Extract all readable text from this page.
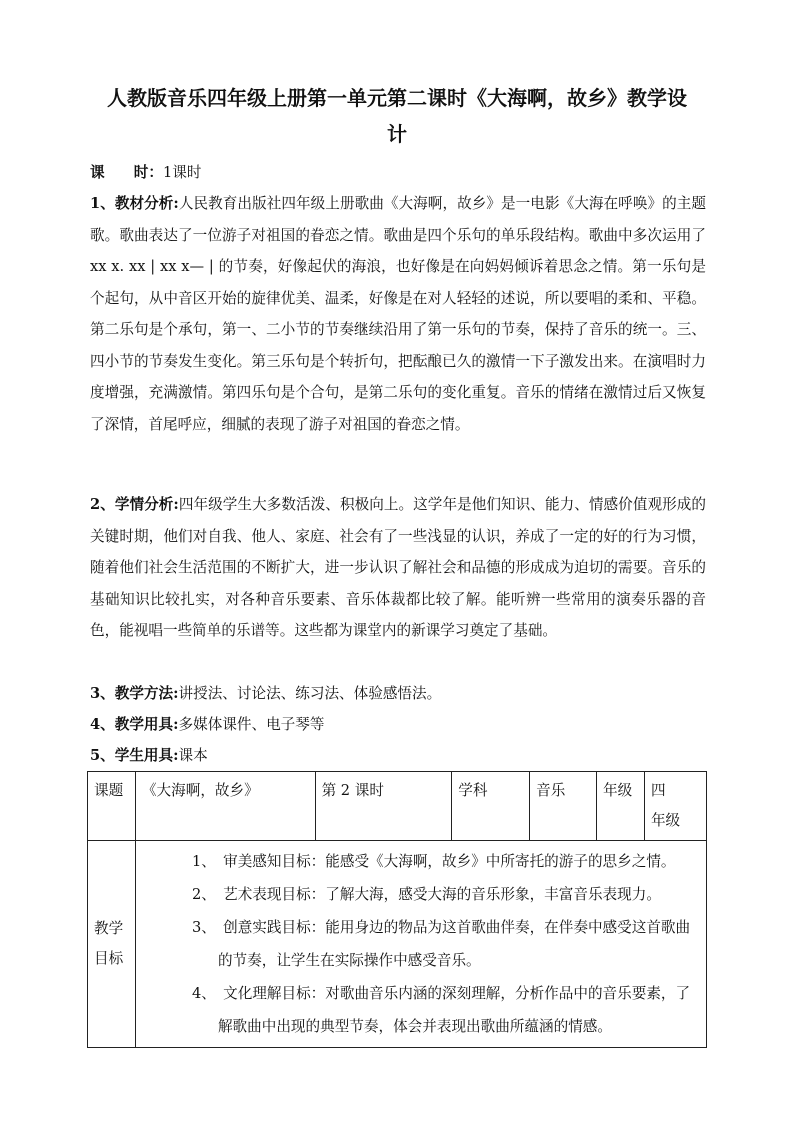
人教版音乐四年级上册第一单元第二课时《大海啊，故乡》教学设
计
课　　时：1课时
1、教材分析:人民教育出版社四年级上册歌曲《大海啊，故乡》是一电影《大海在呼唤》的主题歌。歌曲表达了一位游子对祖国的眷恋之情。歌曲是四个乐句的单乐段结构。歌曲中多次运用了 xx x. xx | xx x— | 的节奏，好像起伏的海浪，也好像是在向妈妈倾诉着思念之情。第一乐句是个起句，从中音区开始的旋律优美、温柔，好像是在对人轻轻的述说，所以要唱的柔和、平稳。第二乐句是个承句，第一、二小节的节奏继续沿用了第一乐句的节奏，保持了音乐的统一。三、四小节的节奏发生变化。第三乐句是个转折句，把酝酿已久的激情一下子激发出来。在演唱时力度增强，充满激情。第四乐句是个合句，是第二乐句的变化重复。音乐的情绪在激情过后又恢复了深情，首尾呼应，细腻的表现了游子对祖国的眷恋之情。
2、学情分析:四年级学生大多数活泼、积极向上。这学年是他们知识、能力、情感价值观形成的关键时期，他们对自我、他人、家庭、社会有了一些浅显的认识，养成了一定的好的行为习惯，随着他们社会生活范围的不断扩大，进一步认识了解社会和品德的形成成为迫切的需要。音乐的基础知识比较扎实，对各种音乐要素、音乐体裁都比较了解。能听辨一些常用的演奏乐器的音色，能视唱一些简单的乐谱等。这些都为课堂内的新课学习奠定了基础。
3、教学方法:讲授法、讨论法、练习法、体验感悟法。
4、教学用具:多媒体课件、电子琴等
5、学生用具:课本
课题	《大海啊，故乡》	第 2 课时	学科	音乐	年级	四　　年级
教学目标	1、　审美感知目标：能感受《大海啊，故乡》中所寄托的游子的思乡之情。
2、　艺术表现目标：了解大海，感受大海的音乐形象，丰富音乐表现力。
3、　创意实践目标：能用身边的物品为这首歌曲伴奏，在伴奏中感受这首歌曲的节奏，让学生在实际操作中感受音乐。
4、　文化理解目标：对歌曲音乐内涵的深刻理解，分析作品中的音乐要素，了解歌曲中出现的典型节奏，体会并表现出歌曲所蕴涵的情感。					
